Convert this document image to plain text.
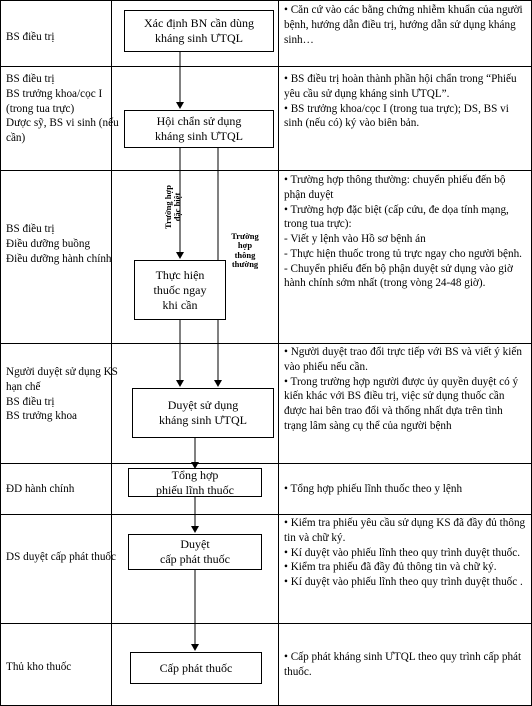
Trường hợp
đặc biệt
Trường
hợp
thông
thường
BS điều trị
Xác định BN cần dùng
kháng sinh ƯTQL
• Căn cứ vào các bằng chứng nhiễm khuẩn của người bệnh, hướng dẫn điều trị, hướng dẫn sử dụng kháng sinh…
BS điều trị
BS trưởng khoa/cọc I
(trong tua trực)
Dược sỹ, BS vi sinh (nếu cần)
Hội chẩn sử dụng
kháng sinh ƯTQL
• BS điều trị hoàn thành phần hội chẩn trong “Phiếu yêu cầu sử dụng kháng sinh ƯTQL”.
• BS trưởng khoa/cọc I (trong tua trực); DS, BS vi sinh (nếu có) ký vào biên bản.
BS điều trị
Điều dưỡng buồng
Điều dưỡng hành chính
Thực hiện
thuốc ngay
khi cần
• Trường hợp thông thường: chuyển phiếu đến bộ phận duyệt
• Trường hợp đặc biệt (cấp cứu, đe dọa tính mạng, trong tua trực):
- Viết y lệnh vào Hồ sơ bệnh án
- Thực hiện thuốc trong tủ trực ngay cho người bệnh.
- Chuyển phiếu đến bộ phận duyệt sử dụng vào giờ hành chính sớm nhất (trong vòng 24-48 giờ).
Người duyệt sử dụng KS hạn chế
BS điều trị
BS trưởng khoa
Duyệt sử dụng
kháng sinh ƯTQL
• Người duyệt trao đổi trực tiếp với BS và viết ý kiến vào phiếu nếu cần.
• Trong trường hợp người được ủy quyền duyệt có ý kiến khác với BS điều trị, việc sử dụng thuốc cần được hai bên trao đổi và thống nhất dựa trên tình trạng lâm sàng cụ thể của người bệnh
ĐD hành chính
Tổng hợp
phiếu lĩnh thuốc	• Tổng hợp phiếu lĩnh thuốc theo y lệnh
DS duyệt cấp phát thuốc
Duyệt
cấp phát thuốc
• Kiểm tra phiếu yêu cầu sử dụng KS đã đầy đủ thông tin và chữ ký.
• Kí duyệt vào phiếu lĩnh theo quy trình duyệt thuốc.
• Kiểm tra phiếu đã đầy đủ thông tin và chữ ký.
• Kí duyệt vào phiếu lĩnh theo quy trình duyệt thuốc .
Thủ kho thuốc	Cấp phát thuốc
• Cấp phát kháng sinh ƯTQL theo quy trình cấp phát thuốc.
